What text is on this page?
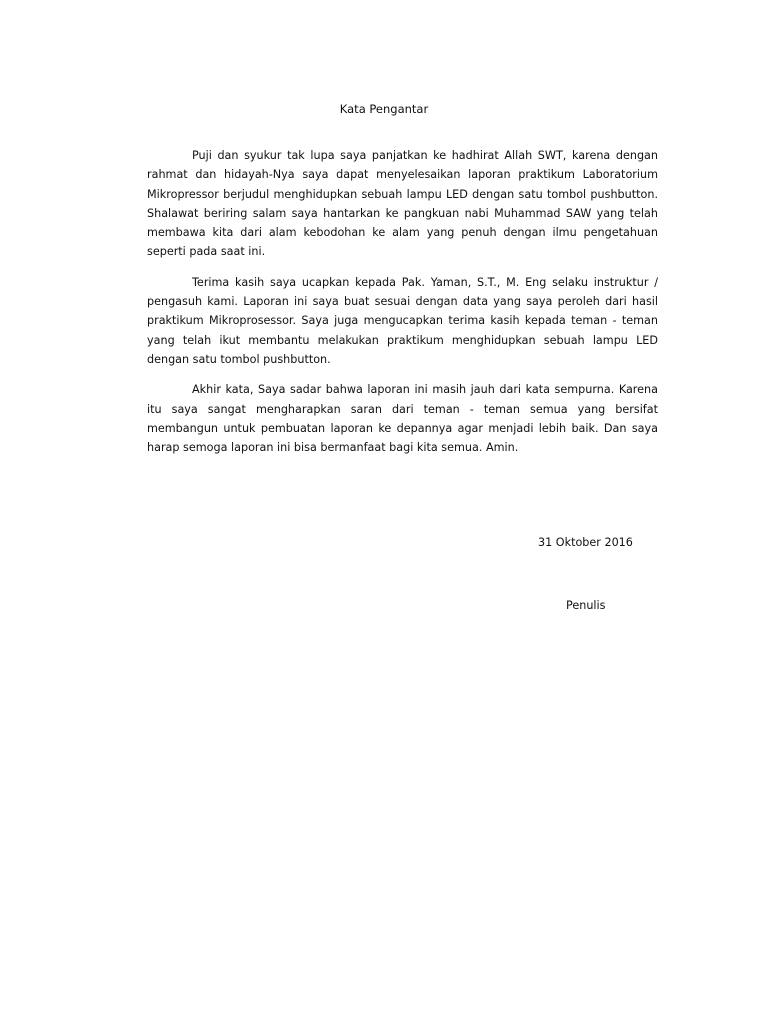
Kata Pengantar

Puji dan syukur tak lupa saya panjatkan ke hadhirat Allah SWT, karena dengan rahmat dan hidayah-Nya saya dapat menyelesaikan laporan praktikum Laboratorium Mikropressor berjudul menghidupkan sebuah lampu LED dengan satu tombol pushbutton. Shalawat beriring salam saya hantarkan ke pangkuan nabi Muhammad SAW yang telah membawa kita dari alam kebodohan ke alam yang penuh dengan ilmu pengetahuan seperti pada saat ini.

Terima kasih saya ucapkan kepada Pak. Yaman, S.T., M. Eng selaku instruktur / pengasuh kami. Laporan ini saya buat sesuai dengan data yang saya peroleh dari hasil praktikum Mikroprosessor. Saya juga mengucapkan terima kasih kepada teman - teman yang telah ikut membantu melakukan praktikum menghidupkan sebuah lampu LED dengan satu tombol pushbutton.

Akhir kata, Saya sadar bahwa laporan ini masih jauh dari kata sempurna. Karena itu saya sangat mengharapkan saran dari teman - teman semua yang bersifat membangun untuk pembuatan laporan ke depannya agar menjadi lebih baik. Dan saya harap semoga laporan ini bisa bermanfaat bagi kita semua. Amin.

31 Oktober 2016
Penulis
